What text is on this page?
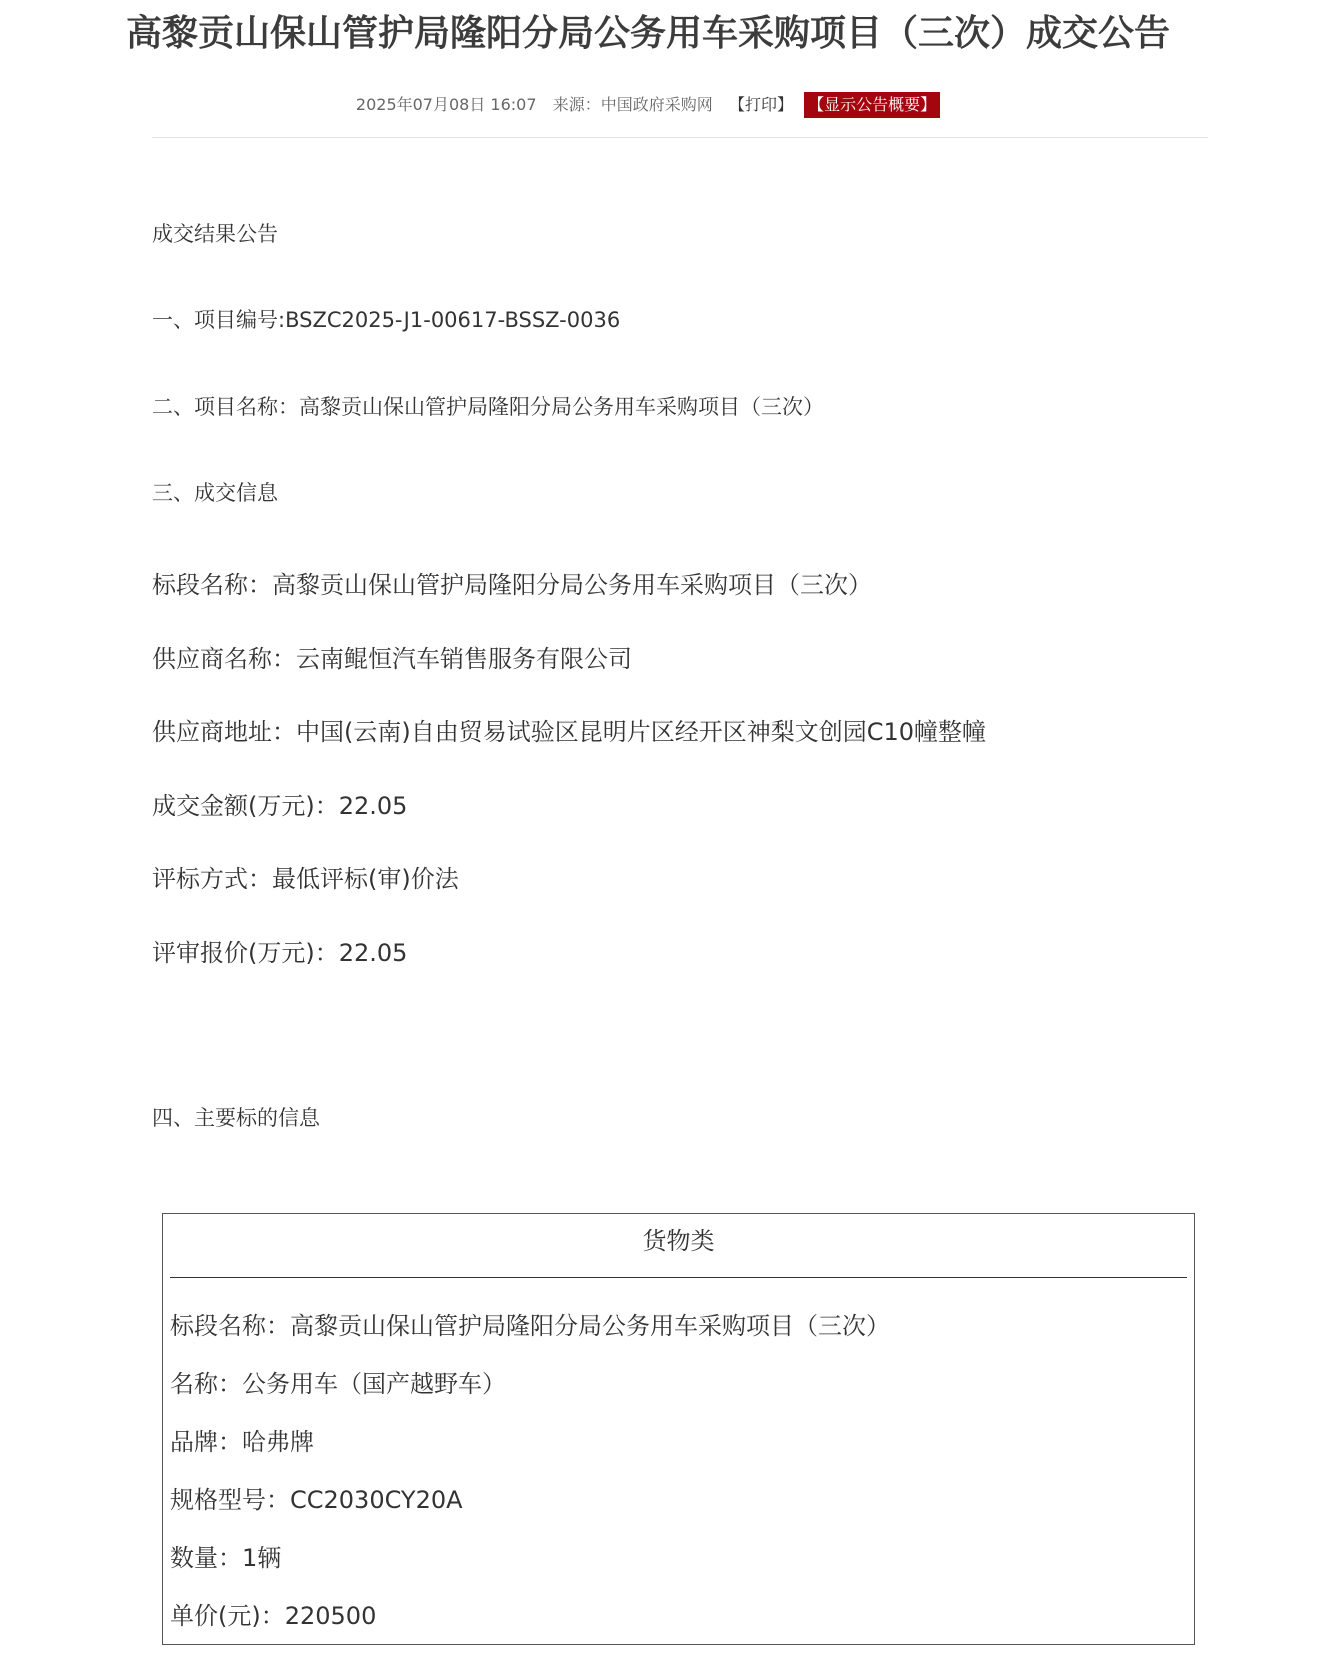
高黎贡山保山管护局隆阳分局公务用车采购项目（三次）成交公告
2025年07月08日 16:07 来源：中国政府采购网 【打印】 【显示公告概要】
成交结果公告
一、项目编号:BSZC2025-J1-00617-BSSZ-0036
二、项目名称：高黎贡山保山管护局隆阳分局公务用车采购项目（三次）
三、成交信息
标段名称：高黎贡山保山管护局隆阳分局公务用车采购项目（三次）
供应商名称：云南鲲恒汽车销售服务有限公司
供应商地址：中国(云南)自由贸易试验区昆明片区经开区神梨文创园C10幢整幢
成交金额(万元)：22.05
评标方式：最低评标(审)价法
评审报价(万元)：22.05
四、主要标的信息
货物类
标段名称：高黎贡山保山管护局隆阳分局公务用车采购项目（三次）
名称：公务用车（国产越野车）
品牌：哈弗牌
规格型号：CC2030CY20A
数量：1辆
单价(元)：220500
